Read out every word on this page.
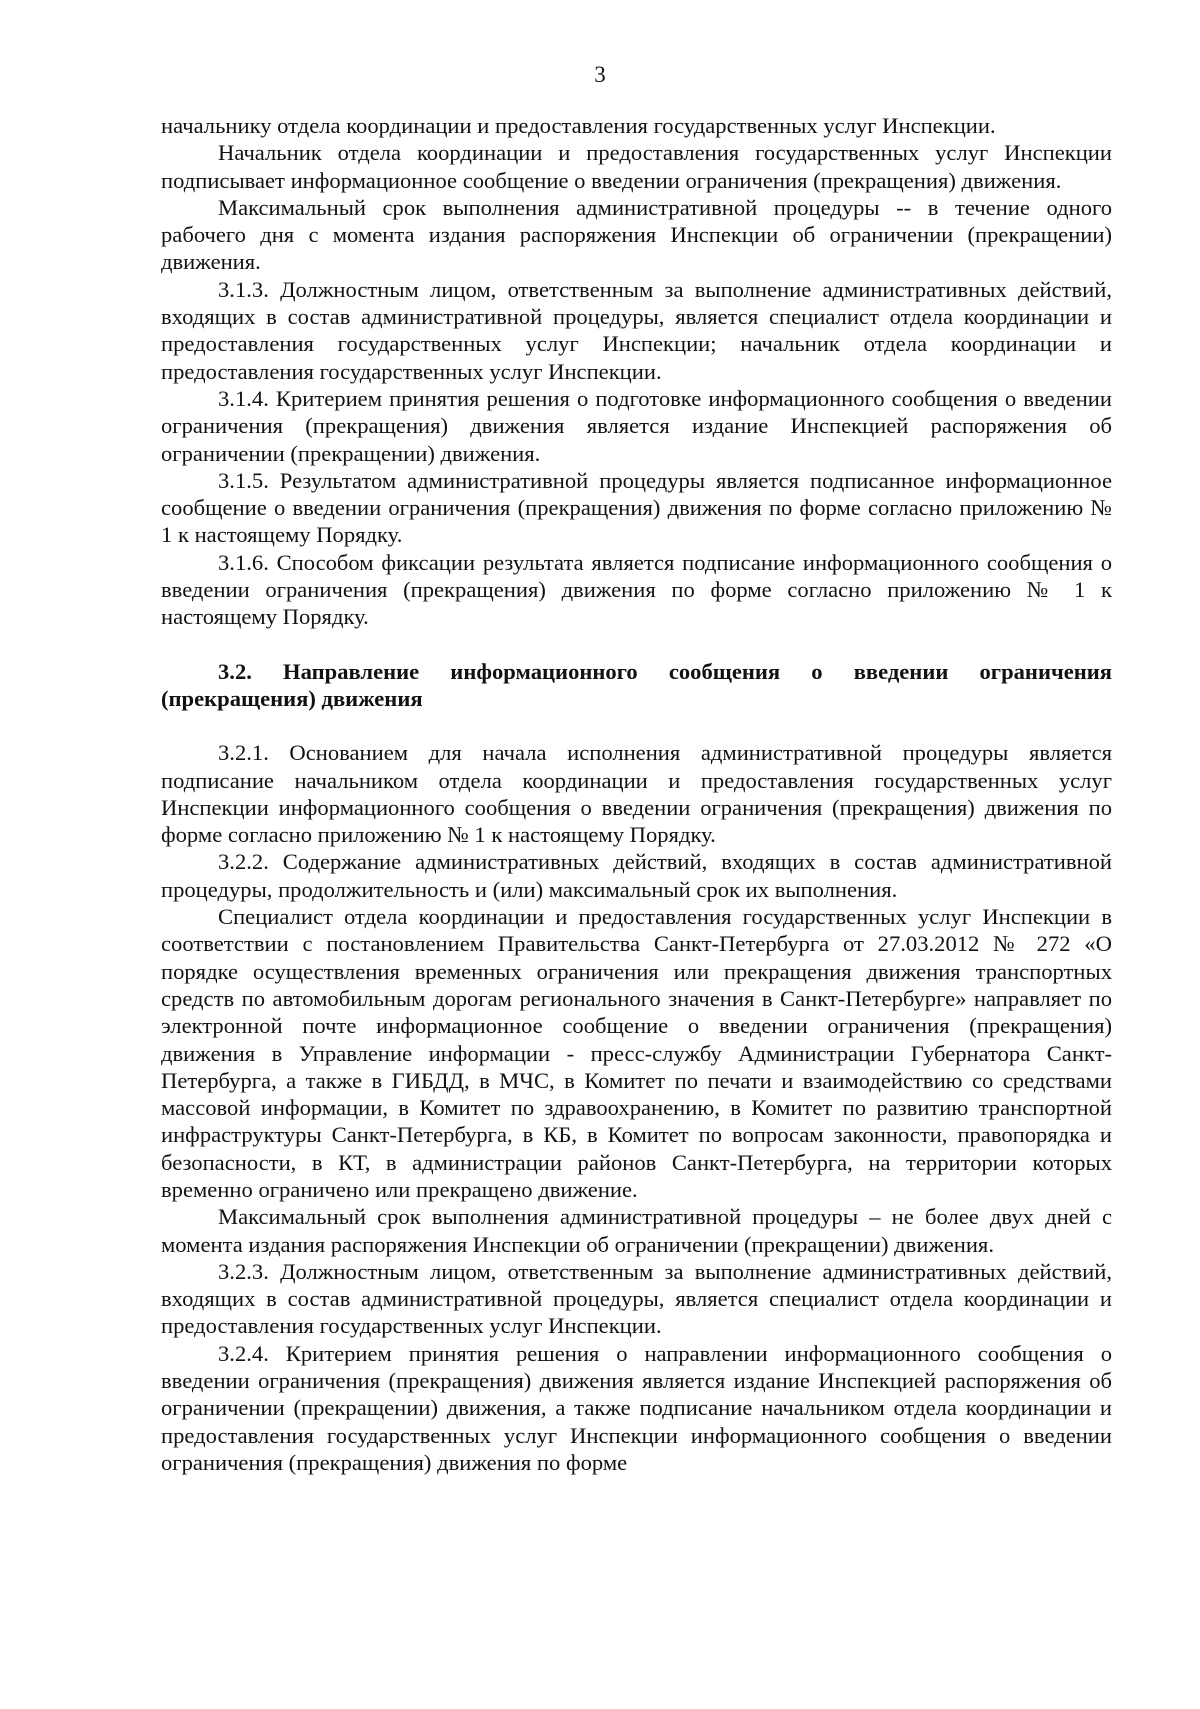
3

начальнику отдела координации и предоставления государственных услуг Инспекции.

Начальник отдела координации и предоставления государственных услуг Инспекции подписывает информационное сообщение о введении ограничения (прекращения) движения.

Максимальный срок выполнения административной процедуры -- в течение одного рабочего дня с момента издания распоряжения Инспекции об ограничении (прекращении) движения.

3.1.3. Должностным лицом, ответственным за выполнение административных действий, входящих в состав административной процедуры, является специалист отдела координации и предоставления государственных услуг Инспекции; начальник отдела координации и предоставления государственных услуг Инспекции.

3.1.4. Критерием принятия решения о подготовке информационного сообщения о введении ограничения (прекращения) движения является издание Инспекцией распоряжения об ограничении (прекращении) движения.

3.1.5. Результатом административной процедуры является подписанное информационное сообщение о введении ограничения (прекращения) движения по форме согласно приложению № 1 к настоящему Порядку.

3.1.6. Способом фиксации результата является подписание информационного сообщения о введении ограничения (прекращения) движения по форме согласно приложению № 1 к настоящему Порядку.

3.2. Направление информационного сообщения о введении ограничения (прекращения) движения

3.2.1. Основанием для начала исполнения административной процедуры является подписание начальником отдела координации и предоставления государственных услуг Инспекции информационного сообщения о введении ограничения (прекращения) движения по форме согласно приложению № 1 к настоящему Порядку.

3.2.2. Содержание административных действий, входящих в состав административной процедуры, продолжительность и (или) максимальный срок их выполнения.

Специалист отдела координации и предоставления государственных услуг Инспекции в соответствии с постановлением Правительства Санкт-Петербурга от 27.03.2012 № 272 «О порядке осуществления временных ограничения или прекращения движения транспортных средств по автомобильным дорогам регионального значения в Санкт-Петербурге» направляет по электронной почте информационное сообщение о введении ограничения (прекращения) движения в Управление информации - пресс-службу Администрации Губернатора Санкт-Петербурга, а также в ГИБДД, в МЧС, в Комитет по печати и взаимодействию со средствами массовой информации, в Комитет по здравоохранению, в Комитет по развитию транспортной инфраструктуры Санкт-Петербурга, в КБ, в Комитет по вопросам законности, правопорядка и безопасности, в КТ, в администрации районов Санкт-Петербурга, на территории которых временно ограничено или прекращено движение.

Максимальный срок выполнения административной процедуры – не более двух дней с момента издания распоряжения Инспекции об ограничении (прекращении) движения.

3.2.3. Должностным лицом, ответственным за выполнение административных действий, входящих в состав административной процедуры, является специалист отдела координации и предоставления государственных услуг Инспекции.

3.2.4. Критерием принятия решения о направлении информационного сообщения о введении ограничения (прекращения) движения является издание Инспекцией распоряжения об ограничении (прекращении) движения, а также подписание начальником отдела координации и предоставления государственных услуг Инспекции информационного сообщения о введении ограничения (прекращения) движения по форме
